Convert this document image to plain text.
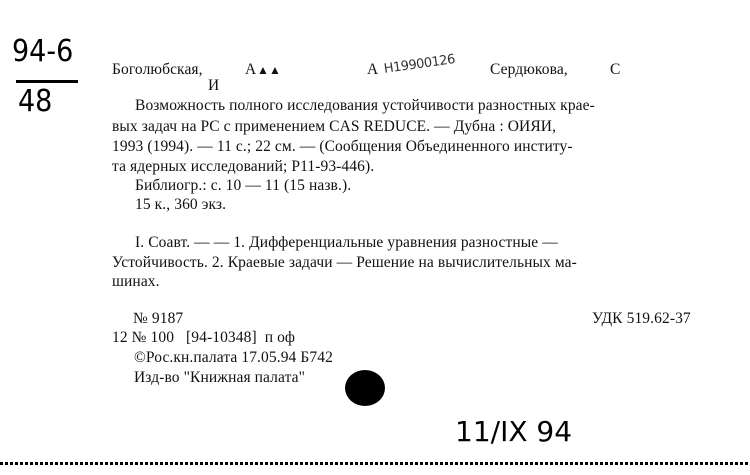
94-6
48
Боголюбская,	А ▲▲
И
А H19900126 Сердюкова,	С
Возможность полного исследования устойчивости разностных крае-
вых задач на PC с применением CAS REDUCE. — Дубна : ОИЯИ,
1993 (1994). — 11 с.; 22 см. — (Сообщения Объединенного институ-
та ядерных исследований; Р11-93-446).
Библиогр.: с. 10 — 11 (15 назв.).
15 к., 360 экз.
I. Соавт. — — 1. Дифференциальные уравнения разностные —
Устойчивость. 2. Краевые задачи — Решение на вычислительных ма-
шинах.
№ 9187	УДК 519.62-37
12 № 100   [94-10348]  п оф
©Рос.кн.палата 17.05.94 Б742
Изд-во "Книжная палата"
11/IX 94
